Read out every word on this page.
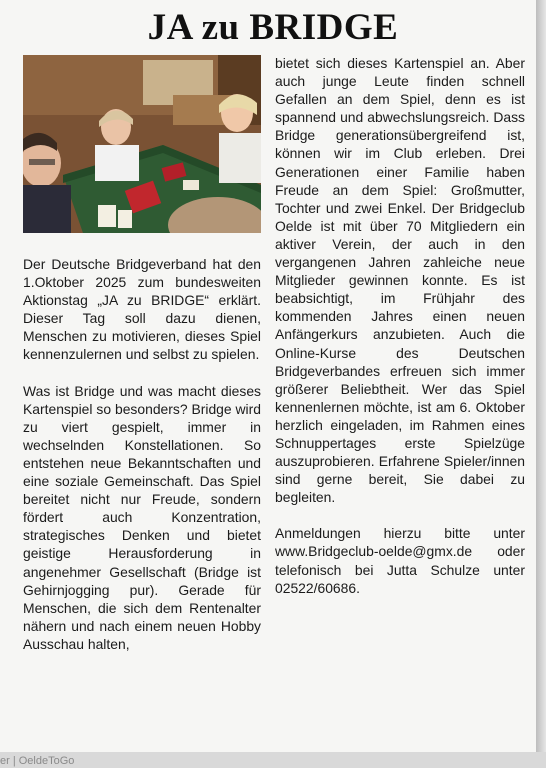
JA zu BRIDGE

Der Deutsche Bridgeverband hat den 1.Oktober 2025 zum bundesweiten Aktionstag „JA zu BRIDGE“ erklärt. Dieser Tag soll dazu dienen, Menschen zu motivieren, dieses Spiel kennenzulernen und selbst zu spielen.

Was ist Bridge und was macht dieses Kartenspiel so besonders? Bridge wird zu viert gespielt, immer in wechselnden Konstellationen. So entstehen neue Bekanntschaften und eine soziale Gemeinschaft. Das Spiel bereitet nicht nur Freude, sondern fördert auch Konzentration, strategisches Denken und bietet geistige Herausforderung in angenehmer Gesellschaft (Bridge ist Gehirnjogging pur). Gerade für Menschen, die sich dem Rentenalter nähern und nach einem neuen Hobby Ausschau halten,

bietet sich dieses Kartenspiel an. Aber auch junge Leute finden schnell Gefallen an dem Spiel, denn es ist spannend und abwechslungsreich. Dass Bridge generationsübergreifend ist, können wir im Club erleben. Drei Generationen einer Familie haben Freude an dem Spiel: Großmutter, Tochter und zwei Enkel. Der Bridgeclub Oelde ist mit über 70 Mitgliedern ein aktiver Verein, der auch in den vergangenen Jahren zahleiche neue Mitglieder gewinnen konnte. Es ist beabsichtigt, im Frühjahr des kommenden Jahres einen neuen Anfängerkurs anzubieten. Auch die Online-Kurse des Deutschen Bridgeverbandes erfreuen sich immer größerer Beliebtheit. Wer das Spiel kennenlernen möchte, ist am 6. Oktober herzlich eingeladen, im Rahmen eines Schnuppertages erste Spielzüge auszuprobieren. Erfahrene Spieler/innen sind gerne bereit, Sie dabei zu begleiten.

Anmeldungen hierzu bitte unter www.Bridgeclub-oelde@gmx.de oder telefonisch bei Jutta Schulze unter 02522/60686.

er | OeldeToGo
